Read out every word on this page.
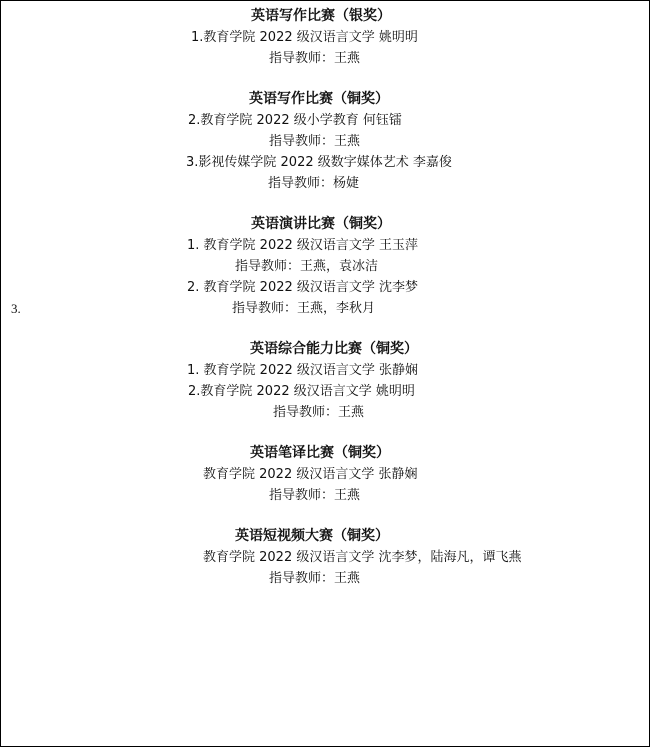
英语写作比赛（银奖）
1.教育学院 2022 级汉语言文学 姚明明
指导教师：王燕
英语写作比赛（铜奖）
2.教育学院 2022 级小学教育 何钰镭
指导教师：王燕
3.影视传媒学院 2022 级数字媒体艺术 李嘉俊
指导教师：杨婕
英语演讲比赛（铜奖）
1. 教育学院 2022 级汉语言文学 王玉萍
指导教师：王燕，袁冰洁
2. 教育学院 2022 级汉语言文学 沈李梦
3.	指导教师：王燕，李秋月
英语综合能力比赛（铜奖）
1. 教育学院 2022 级汉语言文学 张静娴
2.教育学院 2022 级汉语言文学 姚明明
指导教师：王燕
英语笔译比赛（铜奖）
教育学院 2022 级汉语言文学 张静娴
指导教师：王燕
英语短视频大赛（铜奖）
教育学院 2022 级汉语言文学 沈李梦，陆海凡，谭飞燕
指导教师：王燕
